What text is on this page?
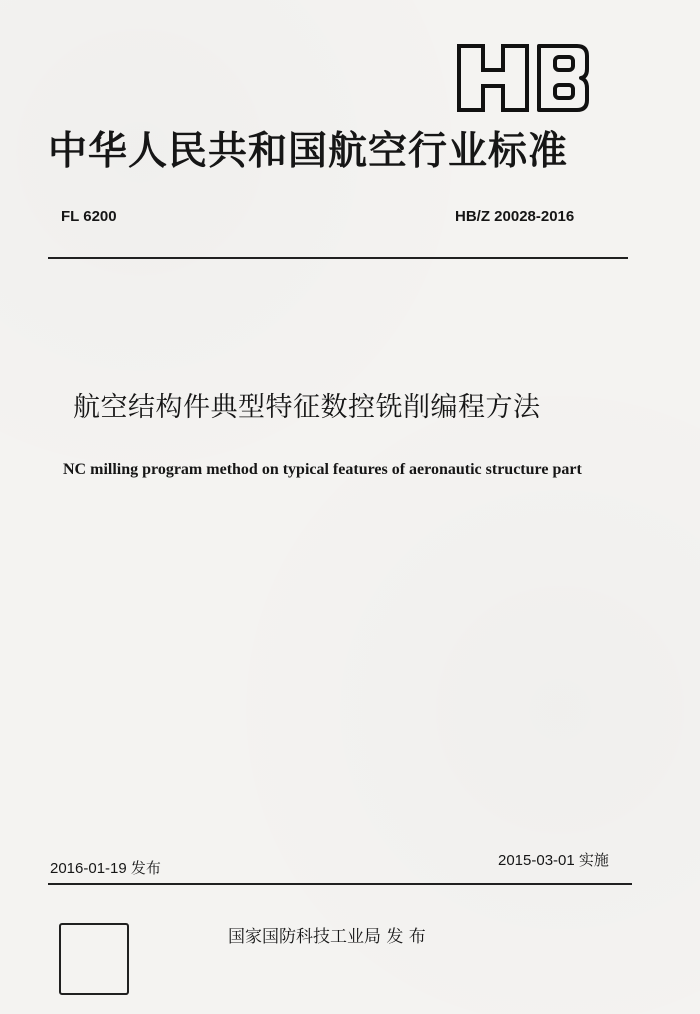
中华人民共和国航空行业标准
FL 6200	HB/Z 20028-2016
航空结构件典型特征数控铣削编程方法
NC milling program method on typical features of aeronautic structure part
2016-01-19 发布	2015-03-01 实施
国家国防科技工业局 发 布
